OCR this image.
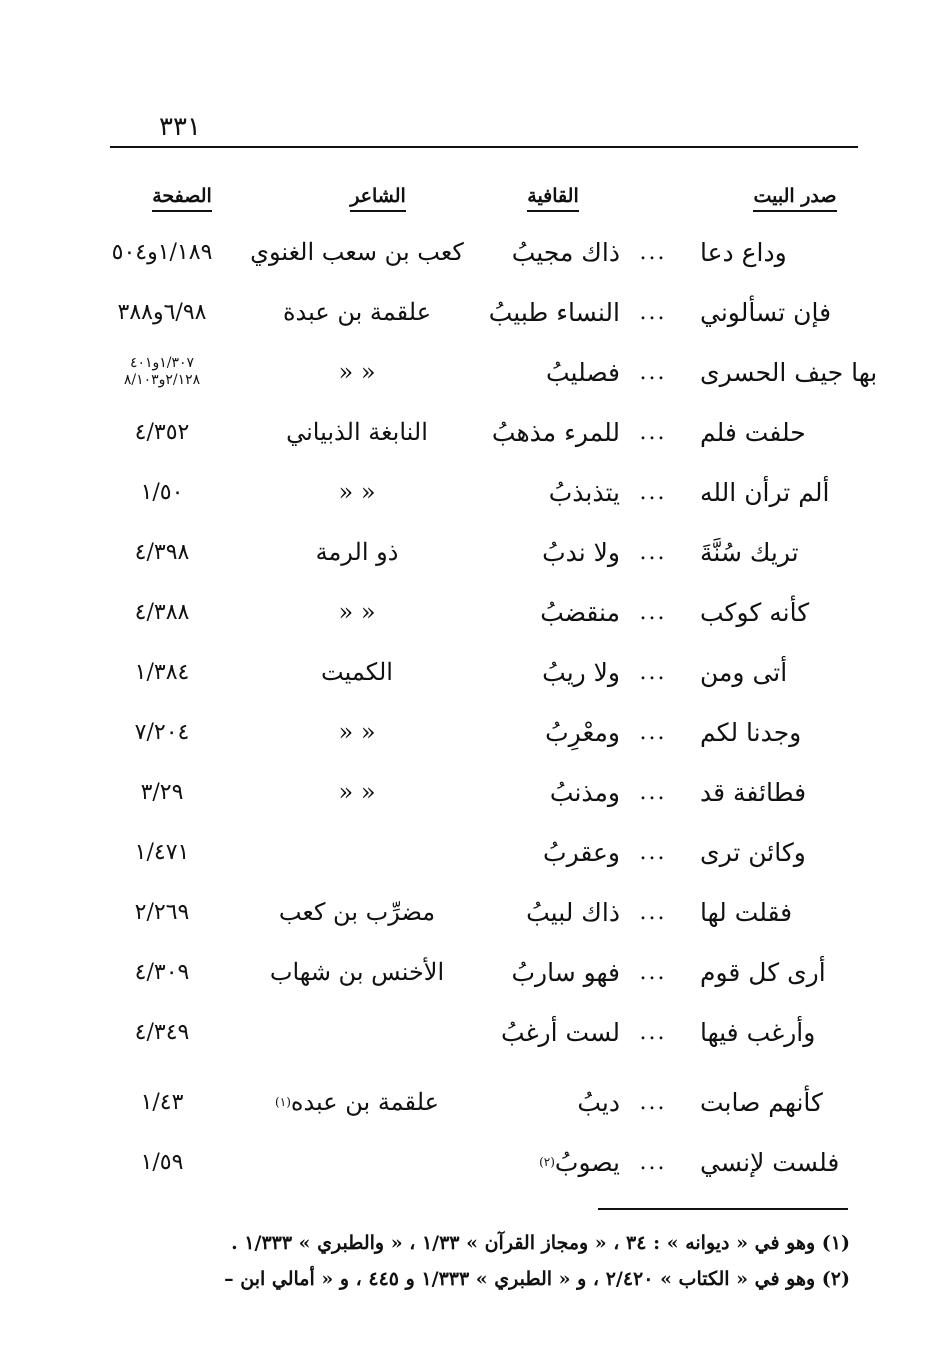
٣٣١
صدر البيت
القافية
الشاعر
الصفحة
وداع دعا
...
ذاك مجيبُ
كعب بن سعب الغنوي
١/١٨٩و٥٠٤
فإن تسألوني
...
النساء طبيبُ
علقمة بن عبدة
٦/٩٨و٣٨٨
بها جيف الحسرى
...
فصليبُ
« «
١/٣٠٧و٤٠١
٢/١٢٨و٨/١٠٣
حلفت فلم
...
للمرء مذهبُ
النابغة الذبياني
٤/٣٥٢
ألم ترأن الله
...
يتذبذبُ
« «
١/٥٠
تريك سُنَّةَ
...
ولا ندبُ
ذو الرمة
٤/٣٩٨
كأنه كوكب
...
منقضبُ
« «
٤/٣٨٨
أتى ومن
...
ولا ريبُ
الكميت
١/٣٨٤
وجدنا لكم
...
ومعْرِبُ
« «
٧/٢٠٤
فطائفة قد
...
ومذنبُ
« «
٣/٢٩
وكائن ترى
...
وعقربُ
١/٤٧١
فقلت لها
...
ذاك لبيبُ
مضرِّب بن كعب
٢/٢٦٩
أرى كل قوم
...
فهو ساربُ
الأخنس بن شهاب
٤/٣٠٩
وأرغب فيها
...
لست أرغبُ
٤/٣٤٩
كأنهم صابت
...
ديبُ
علقمة بن عبده
(١)
١/٤٣
فلست لإنسي
...
يصوبُ
(٢)
١/٥٩
(١) وهو في « ديوانه » : ٣٤ ، « ومجاز القرآن » ١/٣٣ ، « والطبري » ١/٣٣٣ .
(٢) وهو في « الكتاب » ٢/٤٢٠ ، و « الطبري » ١/٣٣٣ و ٤٤٥ ، و « أمالي ابن –
